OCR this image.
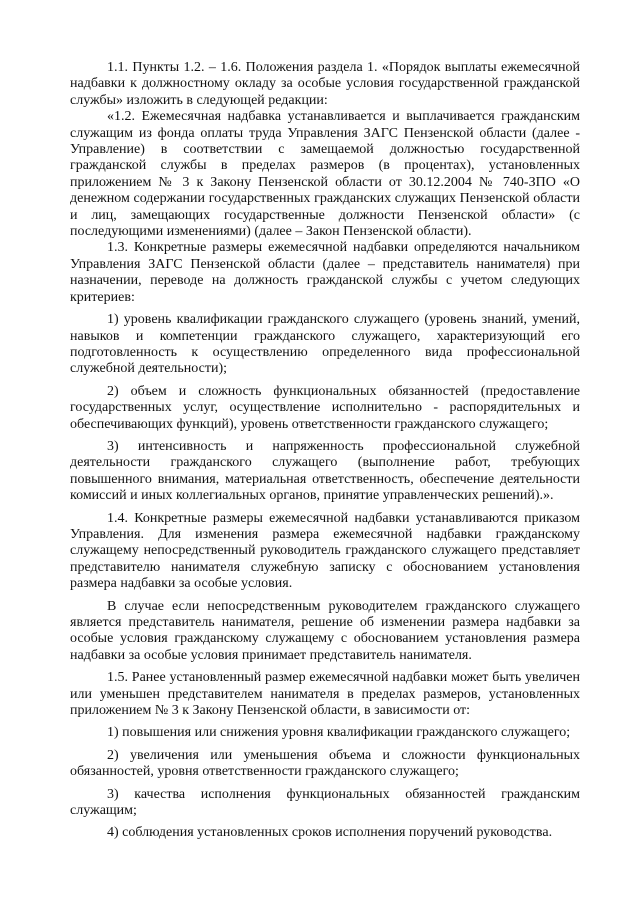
1.1. Пункты 1.2. – 1.6. Положения раздела 1. «Порядок выплаты ежемесячной надбавки к должностному окладу за особые условия государственной гражданской службы» изложить в следующей редакции:

«1.2. Ежемесячная надбавка устанавливается и выплачивается гражданским служащим из фонда оплаты труда Управления ЗАГС Пензенской области (далее - Управление) в соответствии с замещаемой должностью государственной гражданской службы в пределах размеров (в процентах), установленных приложением № 3 к Закону Пензенской области от 30.12.2004 № 740-ЗПО «О денежном содержании государственных гражданских служащих Пензенской области и лиц, замещающих государственные должности Пензенской области» (с последующими изменениями) (далее – Закон Пензенской области).

1.3. Конкретные размеры ежемесячной надбавки определяются начальником Управления ЗАГС Пензенской области (далее – представитель нанимателя) при назначении, переводе на должность гражданской службы с учетом следующих критериев:

1) уровень квалификации гражданского служащего (уровень знаний, умений, навыков и компетенции гражданского служащего, характеризующий его подготовленность к осуществлению определенного вида профессиональной служебной деятельности);

2) объем и сложность функциональных обязанностей (предоставление государственных услуг, осуществление исполнительно - распорядительных и обеспечивающих функций), уровень ответственности гражданского служащего;

3) интенсивность и напряженность профессиональной служебной деятельности гражданского служащего (выполнение работ, требующих повышенного внимания, материальная ответственность, обеспечение деятельности комиссий и иных коллегиальных органов, принятие управленческих решений).».

1.4. Конкретные размеры ежемесячной надбавки устанавливаются приказом Управления. Для изменения размера ежемесячной надбавки гражданскому служащему непосредственный руководитель гражданского служащего представляет представителю нанимателя служебную записку с обоснованием установления размера надбавки за особые условия.

В случае если непосредственным руководителем гражданского служащего является представитель нанимателя, решение об изменении размера надбавки за особые условия гражданскому служащему с обоснованием установления размера надбавки за особые условия принимает представитель нанимателя.

1.5. Ранее установленный размер ежемесячной надбавки может быть увеличен или уменьшен представителем нанимателя в пределах размеров, установленных приложением № 3 к Закону Пензенской области, в зависимости от:

1) повышения или снижения уровня квалификации гражданского служащего;

2) увеличения или уменьшения объема и сложности функциональных обязанностей, уровня ответственности гражданского служащего;

3) качества исполнения функциональных обязанностей гражданским служащим;

4) соблюдения установленных сроков исполнения поручений руководства.
